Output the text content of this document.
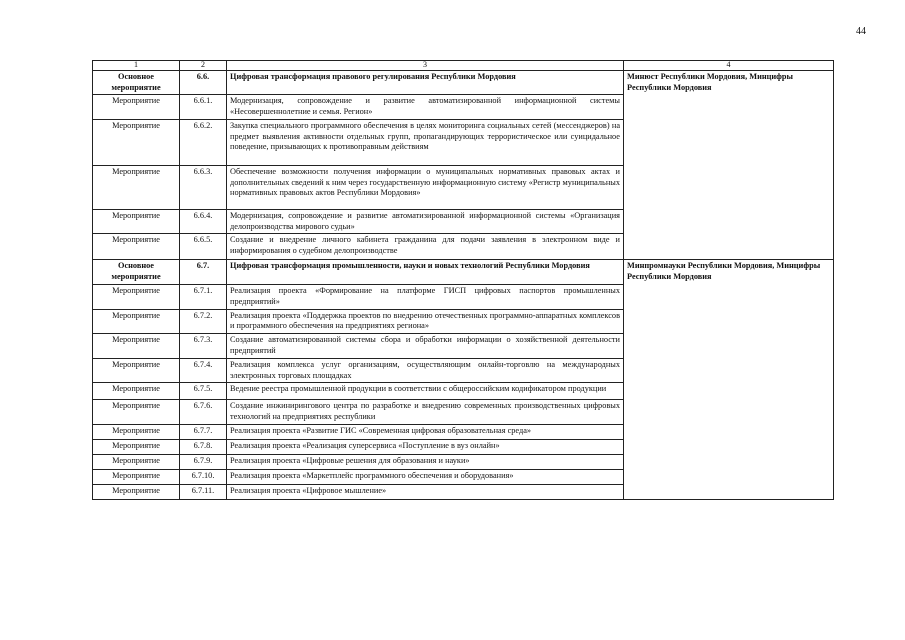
44
1	2	3	4
Основное мероприятие	6.6.	Цифровая трансформация правового регулирования Республики Мордовия	Минюст Республики Мордовия, Минцифры Республики Мордовия
Мероприятие	6.6.1.	Модернизация, сопровождение и развитие автоматизированной информационной системы «Несовершеннолетние и семья. Регион»	
Мероприятие	6.6.2.	Закупка специального программного обеспечения в целях мониторинга социальных сетей (мессенджеров) на предмет выявления активности отдельных групп, пропагандирующих террористическое или суицидальное поведение, призывающих к противоправным действиям	
Мероприятие	6.6.3.	Обеспечение возможности получения информации о муниципальных нормативных правовых актах и дополнительных сведений к ним через государственную информационную систему «Регистр муниципальных нормативных правовых актов Республики Мордовия»	
Мероприятие	6.6.4.	Модернизация, сопровождение и развитие автоматизированной информационной системы «Организация делопроизводства мирового судьи»	
Мероприятие	6.6.5.	Создание и внедрение личного кабинета гражданина для подачи заявления в электронном виде и информирования о судебном делопроизводстве	
Основное мероприятие	6.7.	Цифровая трансформация промышленности, науки и новых технологий Республики Мордовия	Минпромнауки Республики Мордовия, Минцифры Республики Мордовия
Мероприятие	6.7.1.	Реализация проекта «Формирование на платформе ГИСП цифровых паспортов промышленных предприятий»	
Мероприятие	6.7.2.	Реализация проекта «Поддержка проектов по внедрению отечественных программно-аппаратных комплексов и программного обеспечения на предприятиях региона»	
Мероприятие	6.7.3.	Создание автоматизированной системы сбора и обработки информации о хозяйственной деятельности предприятий	
Мероприятие	6.7.4.	Реализация комплекса услуг организациям, осуществляющим онлайн-торговлю на международных электронных торговых площадках	
Мероприятие	6.7.5.	Ведение реестра промышленной продукции в соответствии с общероссийским кодификатором продукции	
Мероприятие	6.7.6.	Создание инжинирингового центра по разработке и внедрению современных производственных цифровых технологий на предприятиях республики	
Мероприятие	6.7.7.	Реализация проекта «Развитие ГИС «Современная цифровая образовательная среда»	
Мероприятие	6.7.8.	Реализация проекта «Реализация суперсервиса «Поступление в вуз онлайн»	
Мероприятие	6.7.9.	Реализация проекта «Цифровые решения для образования и науки»	
Мероприятие	6.7.10.	Реализация проекта «Маркетплейс программного обеспечения и оборудования»	
Мероприятие	6.7.11.	Реализация проекта «Цифровое мышление»	
